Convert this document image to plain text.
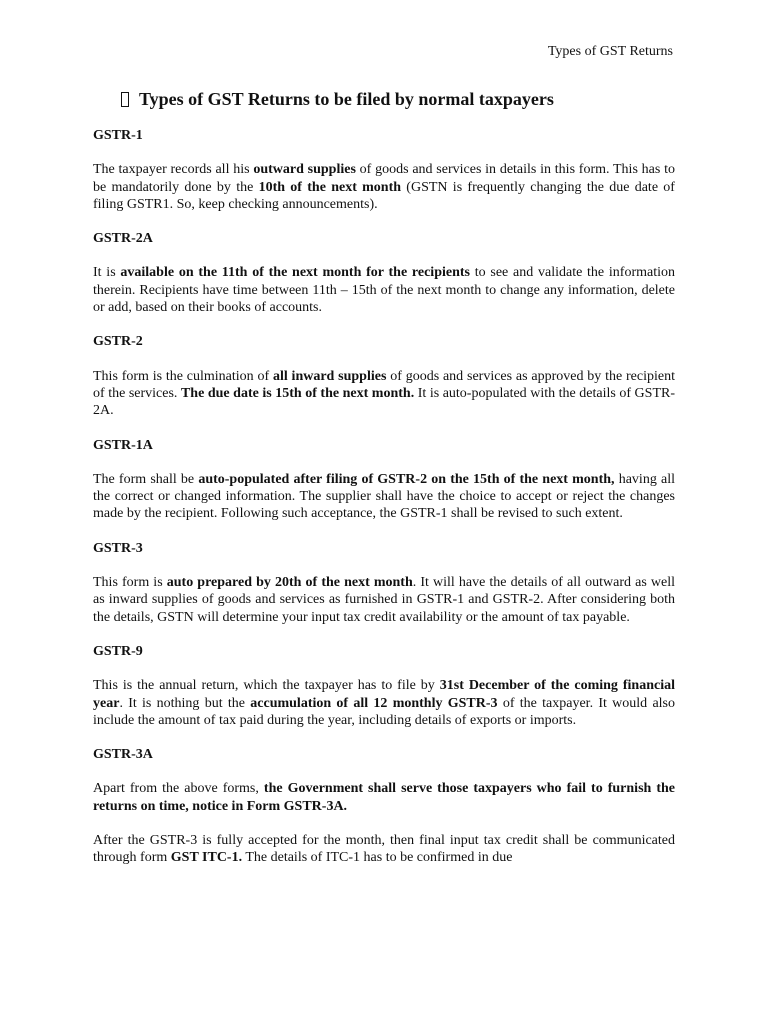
Types of GST Returns
Types of GST Returns to be filed by normal taxpayers
GSTR-1
The taxpayer records all his outward supplies of goods and services in details in this form. This has to be mandatorily done by the 10th of the next month (GSTN is frequently changing the due date of filing GSTR1. So, keep checking announcements).
GSTR-2A
It is available on the 11th of the next month for the recipients to see and validate the information therein. Recipients have time between 11th – 15th of the next month to change any information, delete or add, based on their books of accounts.
GSTR-2
This form is the culmination of all inward supplies of goods and services as approved by the recipient of the services. The due date is 15th of the next month. It is auto-populated with the details of GSTR-2A.
GSTR-1A
The form shall be auto-populated after filing of GSTR-2 on the 15th of the next month, having all the correct or changed information. The supplier shall have the choice to accept or reject the changes made by the recipient. Following such acceptance, the GSTR-1 shall be revised to such extent.
GSTR-3
This form is auto prepared by 20th of the next month. It will have the details of all outward as well as inward supplies of goods and services as furnished in GSTR-1 and GSTR-2. After considering both the details, GSTN will determine your input tax credit availability or the amount of tax payable.
GSTR-9
This is the annual return, which the taxpayer has to file by 31st December of the coming financial year. It is nothing but the accumulation of all 12 monthly GSTR-3 of the taxpayer. It would also include the amount of tax paid during the year, including details of exports or imports.
GSTR-3A
Apart from the above forms, the Government shall serve those taxpayers who fail to furnish the returns on time, notice in Form GSTR-3A.
After the GSTR-3 is fully accepted for the month, then final input tax credit shall be communicated through form GST ITC-1. The details of ITC-1 has to be confirmed in due
